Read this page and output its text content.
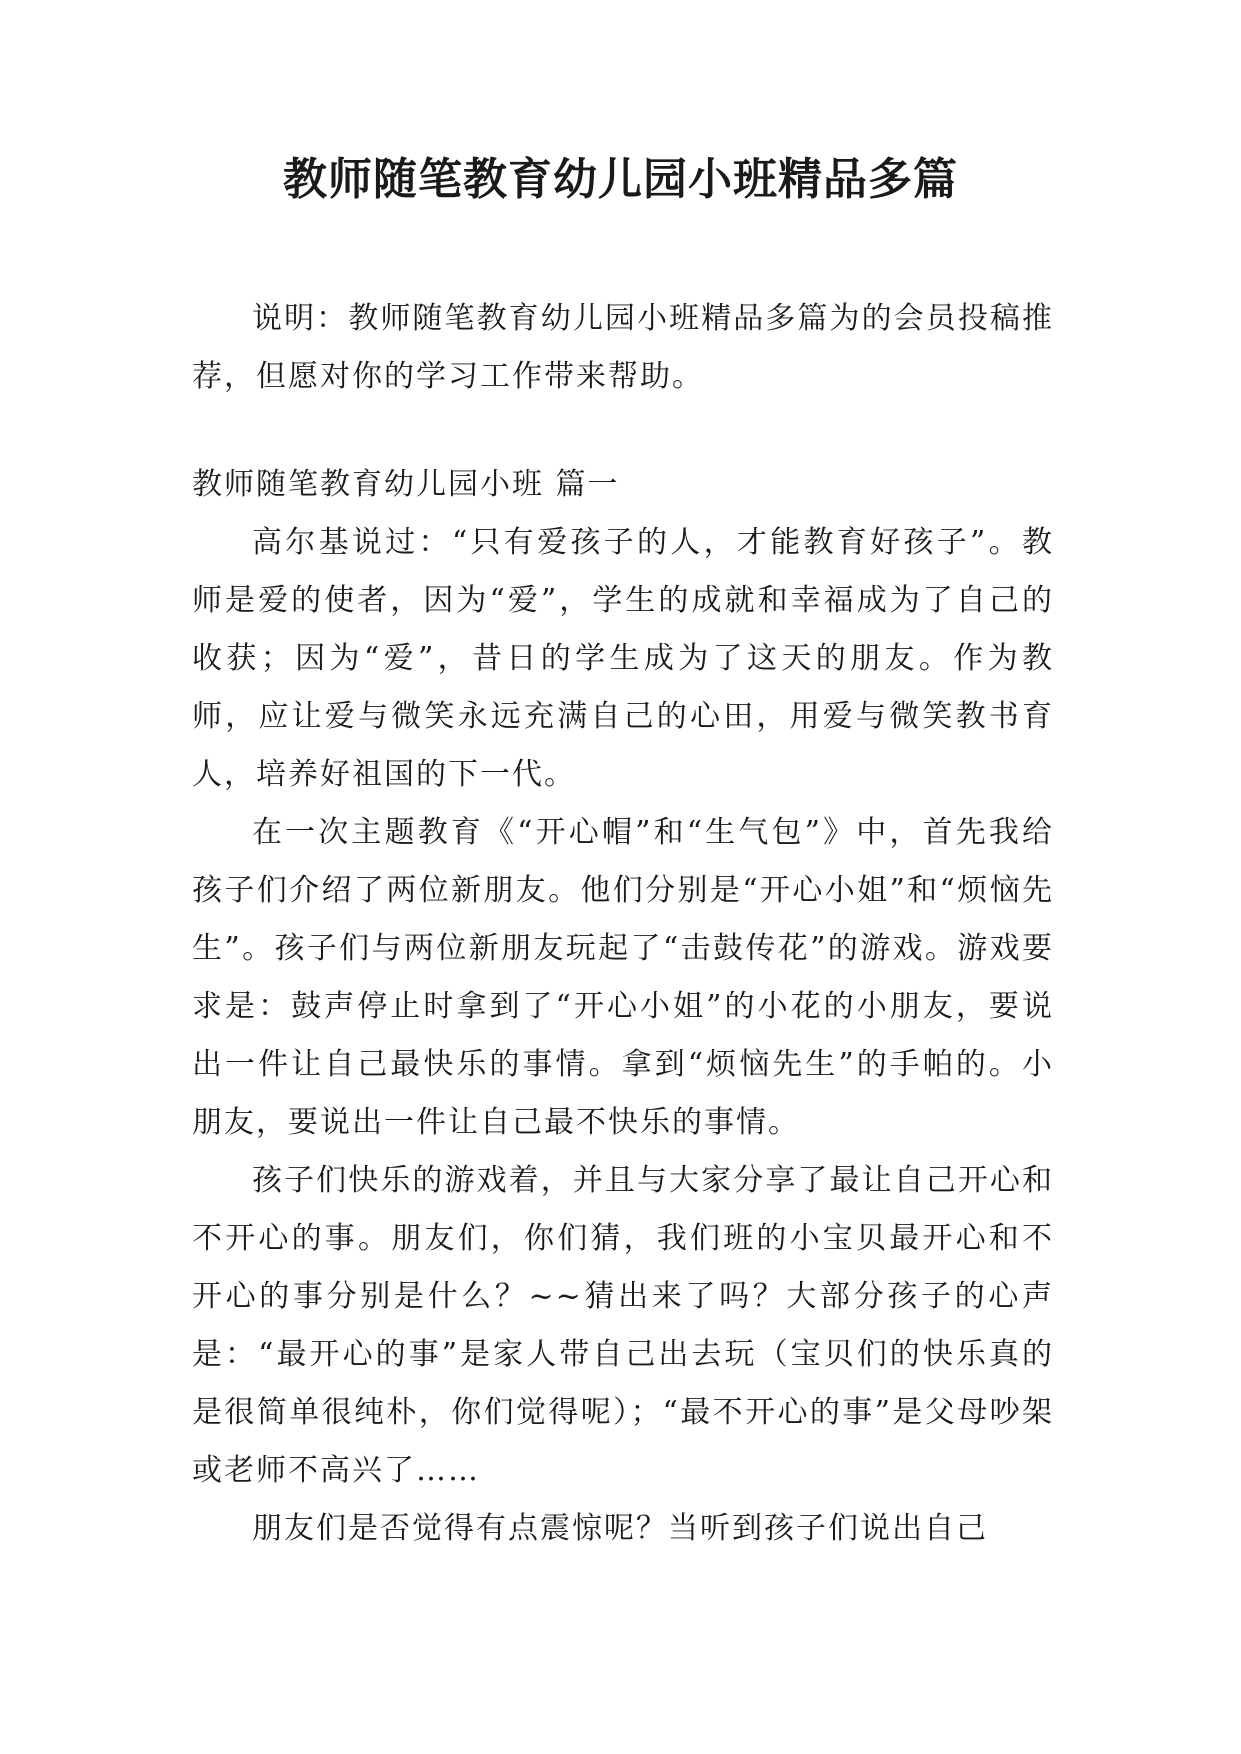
教师随笔教育幼儿园小班精品多篇

说明：教师随笔教育幼儿园小班精品多篇为的会员投稿推荐，但愿对你的学习工作带来帮助。

教师随笔教育幼儿园小班 篇一

高尔基说过：“只有爱孩子的人，才能教育好孩子”。教师是爱的使者，因为“爱”，学生的成就和幸福成为了自己的收获；因为“爱”，昔日的学生成为了这天的朋友。作为教师，应让爱与微笑永远充满自己的心田，用爱与微笑教书育人，培养好祖国的下一代。

在一次主题教育《“开心帽”和“生气包”》中，首先我给孩子们介绍了两位新朋友。他们分别是“开心小姐”和“烦恼先生”。孩子们与两位新朋友玩起了“击鼓传花”的游戏。游戏要求是：鼓声停止时拿到了“开心小姐”的小花的小朋友，要说出一件让自己最快乐的事情。拿到“烦恼先生”的手帕的。小朋友，要说出一件让自己最不快乐的事情。

孩子们快乐的游戏着，并且与大家分享了最让自己开心和不开心的事。朋友们，你们猜，我们班的小宝贝最开心和不开心的事分别是什么？~~猜出来了吗？大部分孩子的心声是：“最开心的事”是家人带自己出去玩（宝贝们的快乐真的是很简单很纯朴，你们觉得呢）；“最不开心的事”是父母吵架或老师不高兴了……

朋友们是否觉得有点震惊呢？当听到孩子们说出自己
